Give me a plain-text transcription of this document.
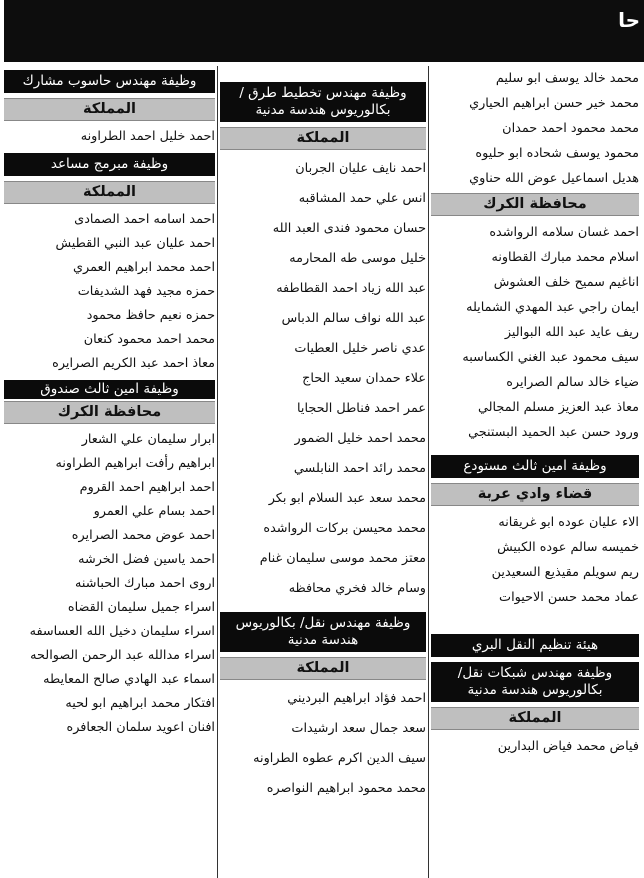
حا
محمد خالد يوسف ابو سليم
محمد خير حسن ابراهيم الحياري
محمد محمود احمد حمدان
محمود يوسف شحاده ابو حليوه
هديل اسماعيل عوض الله حناوي
محافظة الكرك
احمد غسان سلامه الرواشده
اسلام محمد مبارك القطاونه
اناغيم سميح خلف العشوش
ايمان راجي عبد المهدي الشمايله
ريف عايد عبد الله البواليز
سيف محمود عبد الغني الكساسبه
ضياء خالد سالم الصرايره
معاذ عبد العزيز مسلم المجالي
ورود حسن عبد الحميد البستنجي
وظيفة امين ثالث مستودع
قضاء وادي عربة
الاء عليان عوده ابو غريقانه
خميسه سالم عوده الكبيش
ريم سويلم مقيذيع السعيدين
عماد محمد حسن الاحيوات
هيئة تنظيم النقل البري
وظيفة مهندس شبكات نقل/ بكالوريوس هندسة مدنية
المملكة
فياض محمد فياض البدارين
وظيفة مهندس تخطيط طرق /بكالوريوس هندسة مدنية
المملكة
احمد نايف عليان الجربان
انس علي حمد المشاقبه
حسان محمود فندى العبد الله
خليل موسى طه المحارمه
عبد الله زياد احمد القطاطفه
عبد الله نواف سالم الدباس
عدي ناصر خليل العطيات
علاء حمدان سعيد الحاج
عمر احمد فناطل الحجايا
محمد احمد خليل الضمور
محمد رائد احمد النابلسي
محمد سعد عبد السلام ابو بكر
محمد محيسن بركات الرواشده
معتز محمد موسى سليمان غنام
وسام خالد فخري محافظه
وظيفة مهندس نقل/ بكالوريوس هندسة مدنية
المملكة
احمد فؤاد ابراهيم البرديني
سعد جمال سعد ارشيدات
سيف الدين اكرم عطوه الطراونه
محمد محمود ابراهيم النواصره
وظيفة مهندس حاسوب مشارك
المملكة
احمد خليل احمد الطراونه
وظيفة مبرمج مساعد
المملكة
احمد اسامه احمد الصمادى
احمد عليان عبد النبي القطيش
احمد محمد ابراهيم العمري
حمزه مجيد فهد الشديفات
حمزه نعيم حافظ محمود
محمد احمد محمود كنعان
معاذ احمد عبد الكريم الصرايره
وظيفة امين ثالث صندوق
محافظة الكرك
ابرار سليمان علي الشعار
ابراهيم رأفت ابراهيم الطراونه
احمد ابراهيم احمد القروم
احمد بسام علي العمرو
احمد عوض محمد الصرايره
احمد ياسين فضل الخرشه
اروى احمد مبارك الحباشنه
اسراء جميل سليمان القضاه
اسراء سليمان دخيل الله العساسفه
اسراء مدالله عبد الرحمن الصوالحه
اسماء عبد الهادي صالح المعايطه
افتكار محمد ابراهيم ابو لحيه
افنان اعويد سلمان الجعافره
